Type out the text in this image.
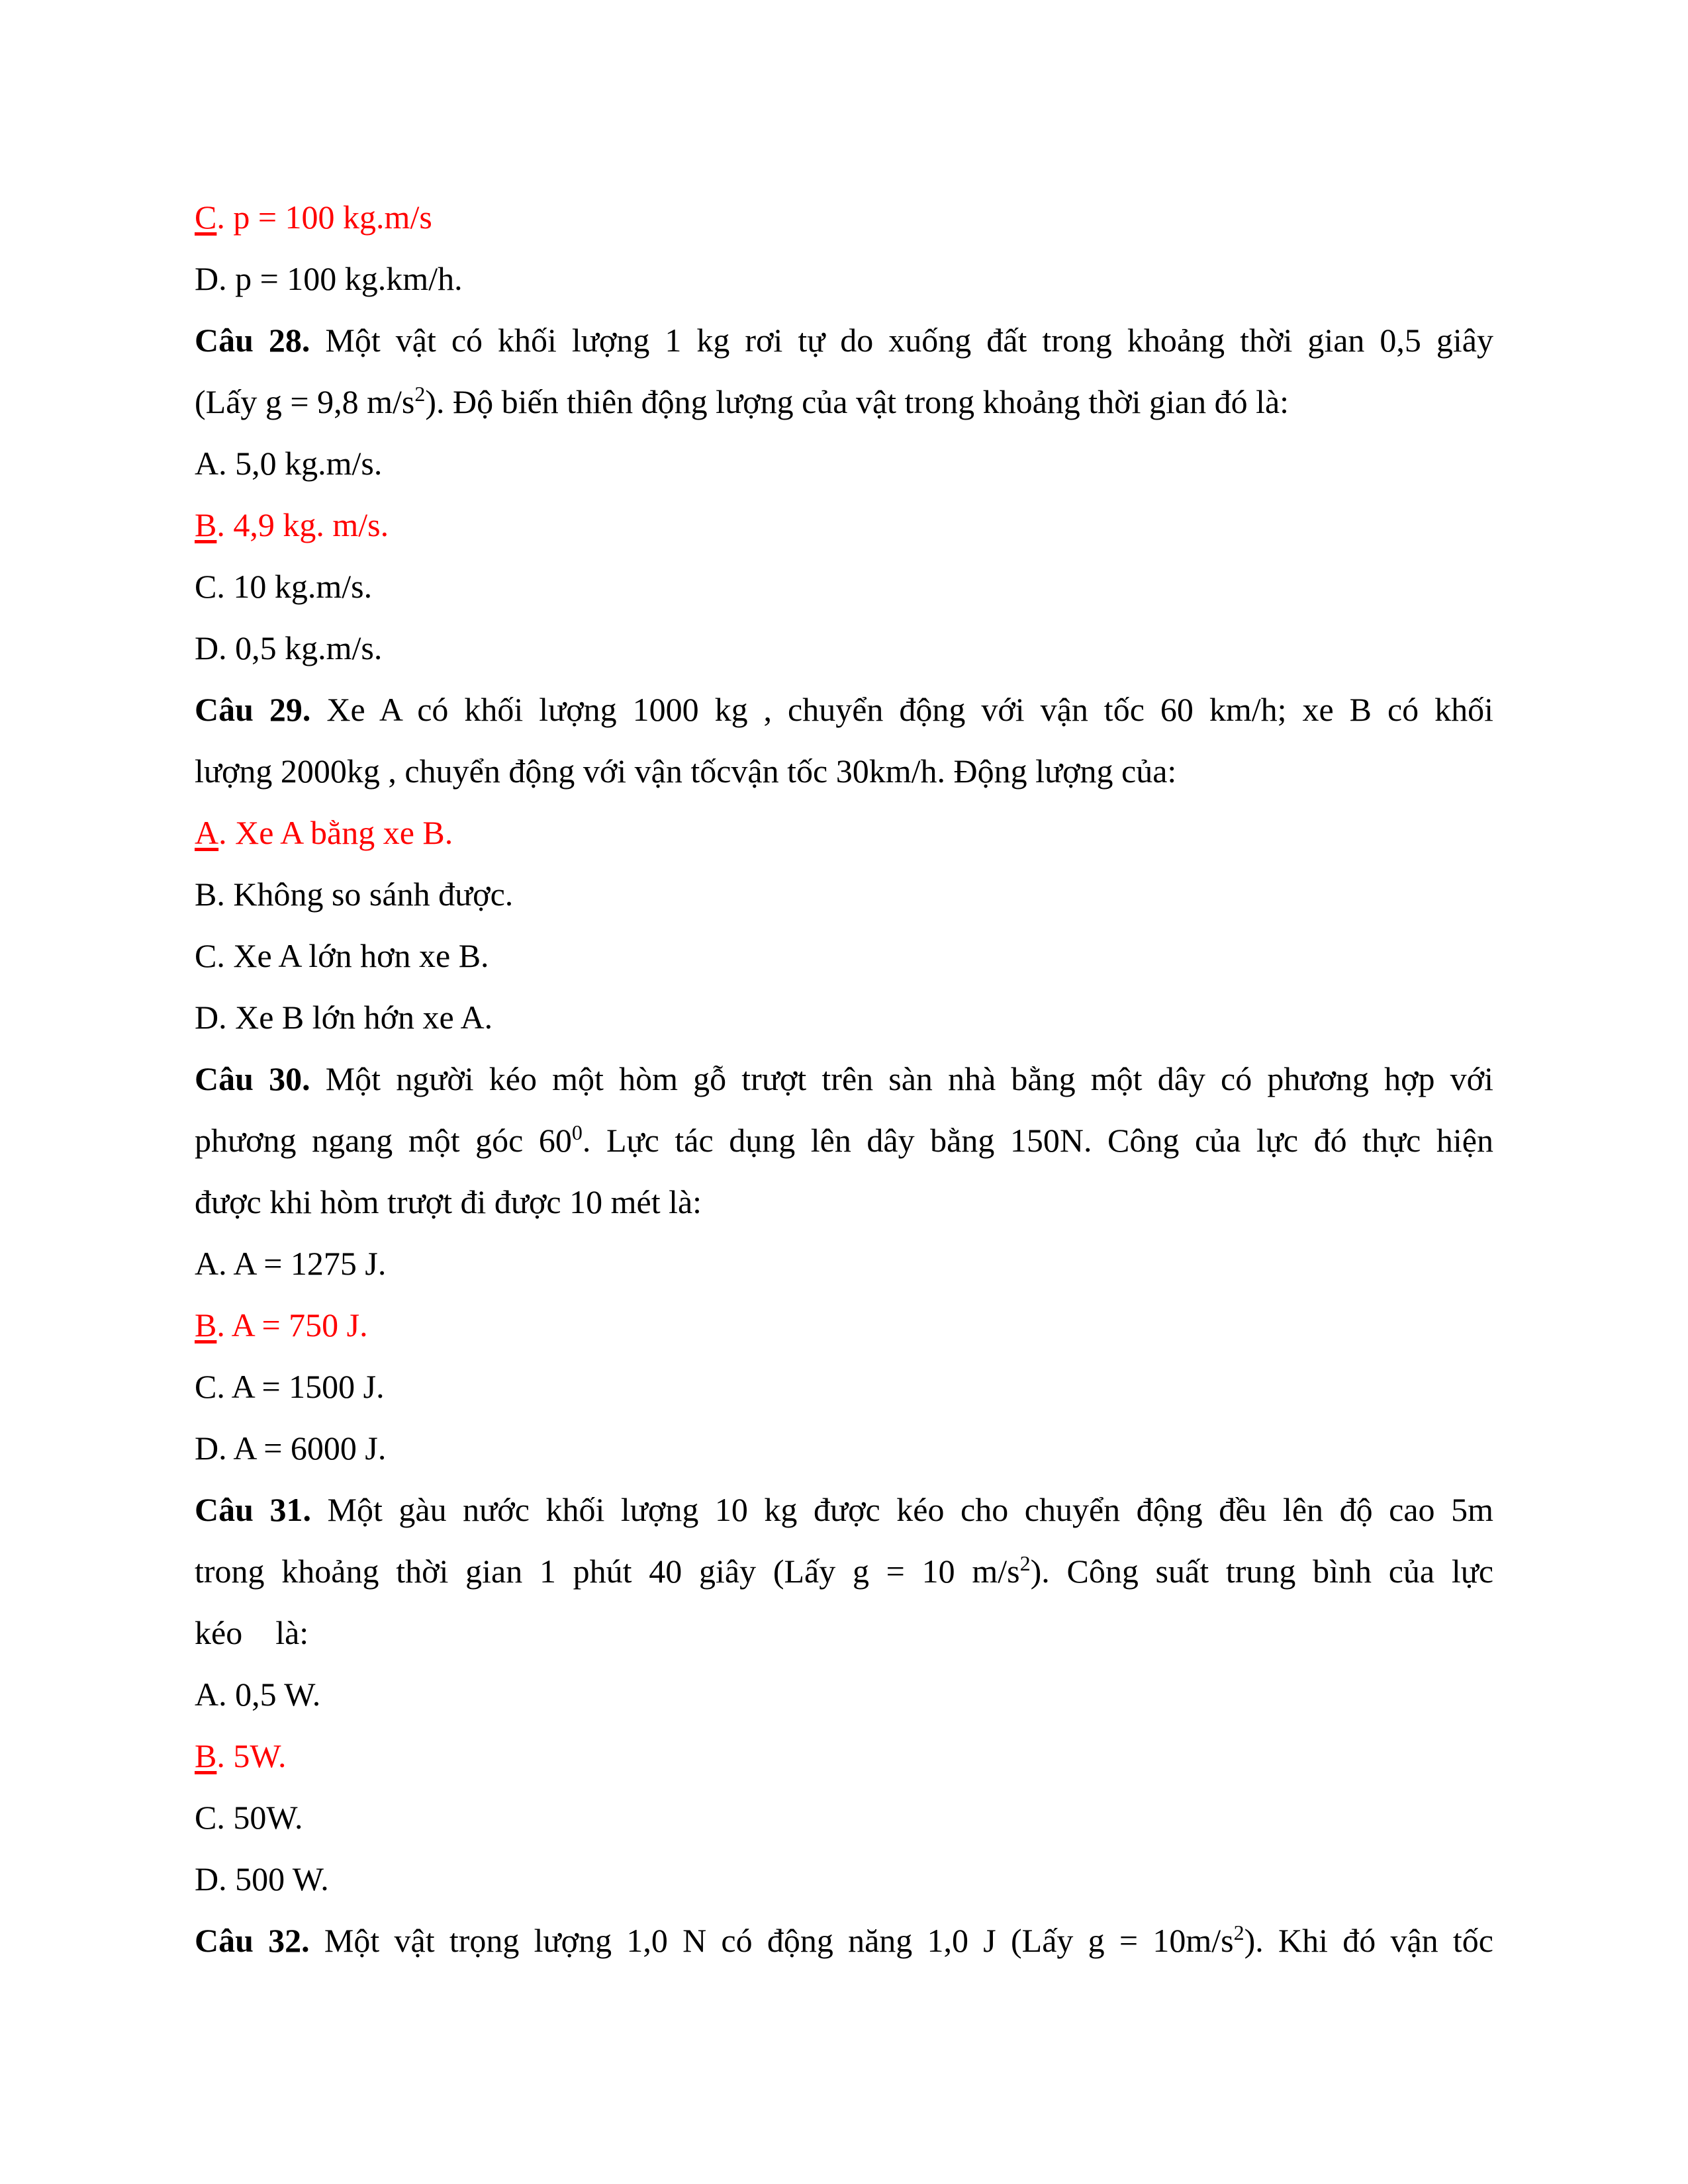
C. p = 100 kg.m/s
D. p = 100 kg.km/h.
Câu 28. Một vật có khối lượng 1 kg rơi tự do xuống đất trong khoảng thời gian 0,5 giây
(Lấy g = 9,8 $m/s^2$). Độ biến thiên động lượng của vật trong khoảng thời gian đó là:
A. 5,0 kg.m/s.
B. 4,9 kg. m/s.
C. 10 kg.m/s.
D. 0,5 kg.m/s.
Câu 29. Xe A có khối lượng 1000 kg , chuyển động với vận tốc 60 km/h; xe B có khối
lượng 2000kg , chuyển động với vận tốcvận tốc 30km/h. Động lượng của:
A. Xe A bằng xe B.
B. Không so sánh được.
C. Xe A lớn hơn xe B.
D. Xe B lớn hớn xe A.
Câu 30. Một người kéo một hòm gỗ trượt trên sàn nhà bằng một dây có phương hợp với
phương ngang một góc $60^0$. Lực tác dụng lên dây bằng 150N. Công của lực đó thực hiện
được khi hòm trượt đi được 10 mét là:
A. A = 1275 J.
B. A = 750 J.
C. A = 1500 J.
D. A = 6000 J.
Câu 31. Một gàu nước khối lượng 10 kg được kéo cho chuyển động đều lên độ cao 5m
trong khoảng thời gian 1 phút 40 giây (Lấy g = 10 $m/s^2$). Công suất trung bình của lực
kéo    là:
A. 0,5 W.
B. 5W.
C. 50W.
D. 500 W.
Câu 32. Một vật trọng lượng 1,0 N có động năng 1,0 J (Lấy $g = 10m/s^2$). Khi đó vận tốc
